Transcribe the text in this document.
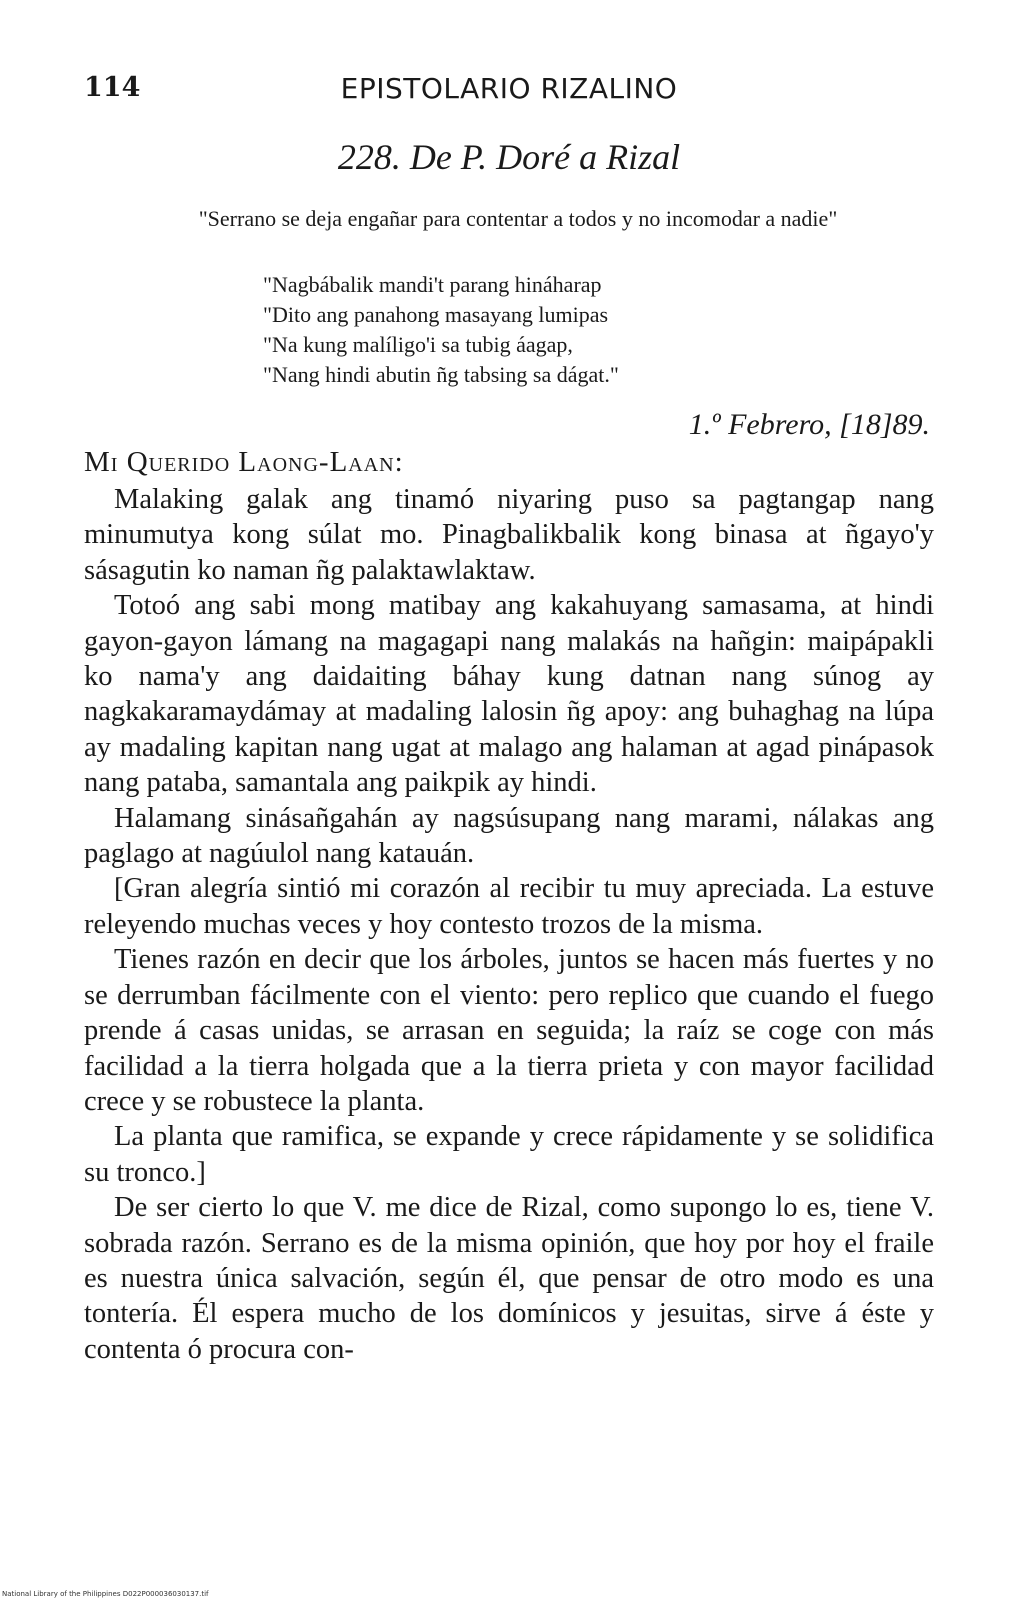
114	EPISTOLARIO RIZALINO
228. De P. Doré a Rizal
"Serrano se deja engañar para contentar a todos y no incomodar a nadie"
"Nagbábalik mandi't parang hináharap
"Dito ang panahong masayang lumipas
"Na kung malíligo'i sa tubig áagap,
"Nang hindi abutin ñg tabsing sa dágat."
1.º Febrero, [18]89.
Mi Querido Laong-Laan:

Malaking galak ang tinamó niyaring puso sa pagtangap nang minumutya kong súlat mo. Pinagbalikbalik kong binasa at ñgayo'y sásagutin ko naman ñg palaktawlaktaw.

Totoó ang sabi mong matibay ang kakahuyang samasama, at hindi gayon-gayon lámang na magagapi nang malakás na hañgin: maipápakli ko nama'y ang daidaiting báhay kung datnan nang súnog ay nagkakaramaydámay at madaling lalosin ñg apoy: ang buhaghag na lúpa ay madaling kapitan nang ugat at malago ang halaman at agad pinápasok nang pataba, samantala ang paikpik ay hindi.

Halamang sinásañgahán ay nagsúsupang nang marami, nálakas ang paglago at nagúulol nang katauán.

[Gran alegría sintió mi corazón al recibir tu muy apreciada. La estuve releyendo muchas veces y hoy contesto trozos de la misma.

Tienes razón en decir que los árboles, juntos se hacen más fuertes y no se derrumban fácilmente con el viento: pero replico que cuando el fuego prende á casas unidas, se arrasan en seguida; la raíz se coge con más facilidad a la tierra holgada que a la tierra prieta y con mayor facilidad crece y se robustece la planta.

La planta que ramifica, se expande y crece rápidamente y se solidifica su tronco.]

De ser cierto lo que V. me dice de Rizal, como supongo lo es, tiene V. sobrada razón. Serrano es de la misma opinión, que hoy por hoy el fraile es nuestra única salvación, según él, que pensar de otro modo es una tontería. Él espera mucho de los domínicos y jesuitas, sirve á éste y contenta ó procura con-

National Library of the Philippines D022P000036030137.tif
